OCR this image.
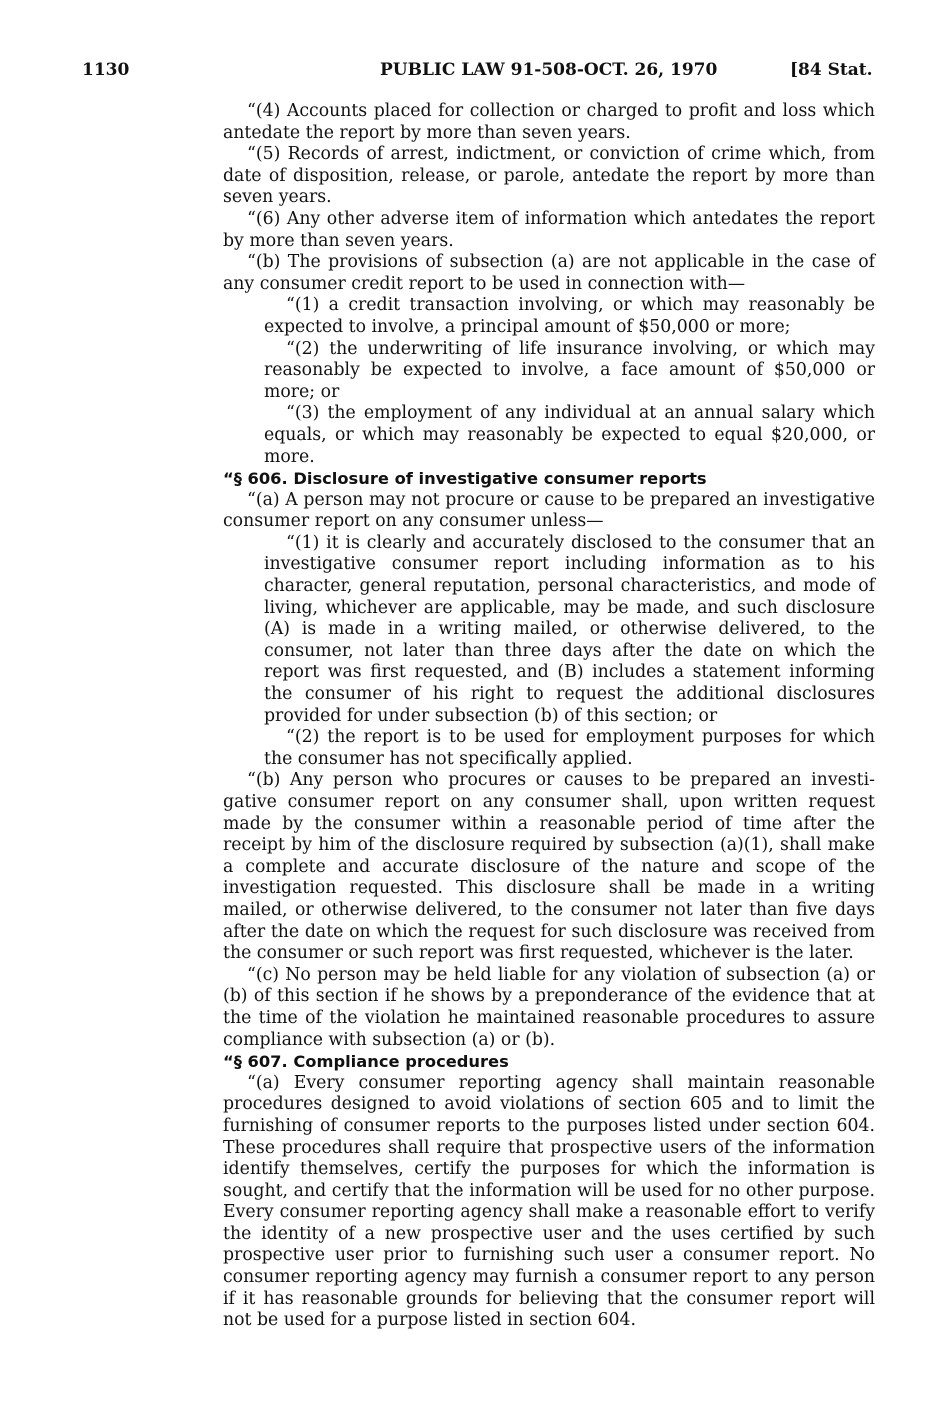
1130	PUBLIC LAW 91-508-OCT. 26, 1970	[84 Stat.

“(4) Accounts placed for collection or charged to profit and loss which antedate the report by more than seven years.

“(5) Records of arrest, indictment, or conviction of crime which, from date of disposition, release, or parole, antedate the report by more than seven years.

“(6) Any other adverse item of information which antedates the report by more than seven years.

“(b) The provisions of subsection (a) are not applicable in the case of any consumer credit report to be used in connection with—

“(1) a credit transaction involving, or which may reasonably be expected to involve, a principal amount of $50,000 or more;

“(2) the underwriting of life insurance involving, or which may reasonably be expected to involve, a face amount of $50,000 or more; or

“(3) the employment of any individual at an annual salary which equals, or which may reasonably be expected to equal $20,000, or more.

“§ 606. Disclosure of investigative consumer reports

“(a) A person may not procure or cause to be prepared an investigative consumer report on any consumer unless—

“(1) it is clearly and accurately disclosed to the consumer that an investigative consumer report including information as to his character, general reputation, personal characteristics, and mode of living, whichever are applicable, may be made, and such disclosure (A) is made in a writing mailed, or otherwise delivered, to the consumer, not later than three days after the date on which the report was first requested, and (B) includes a statement informing the consumer of his right to request the additional disclosures provided for under subsection (b) of this section; or

“(2) the report is to be used for employment purposes for which the consumer has not specifically applied.

“(b) Any person who procures or causes to be prepared an investigative consumer report on any consumer shall, upon written request made by the consumer within a reasonable period of time after the receipt by him of the disclosure required by subsection (a)(1), shall make a complete and accurate disclosure of the nature and scope of the investigation requested. This disclosure shall be made in a writing mailed, or otherwise delivered, to the consumer not later than five days after the date on which the request for such disclosure was received from the consumer or such report was first requested, whichever is the later.

“(c) No person may be held liable for any violation of subsection (a) or (b) of this section if he shows by a preponderance of the evidence that at the time of the violation he maintained reasonable procedures to assure compliance with subsection (a) or (b).

“§ 607. Compliance procedures

“(a) Every consumer reporting agency shall maintain reasonable procedures designed to avoid violations of section 605 and to limit the furnishing of consumer reports to the purposes listed under section 604. These procedures shall require that prospective users of the information identify themselves, certify the purposes for which the information is sought, and certify that the information will be used for no other purpose. Every consumer reporting agency shall make a reasonable effort to verify the identity of a new prospective user and the uses certified by such prospective user prior to furnishing such user a consumer report. No consumer reporting agency may furnish a consumer report to any person if it has reasonable grounds for believing that the consumer report will not be used for a purpose listed in section 604.
